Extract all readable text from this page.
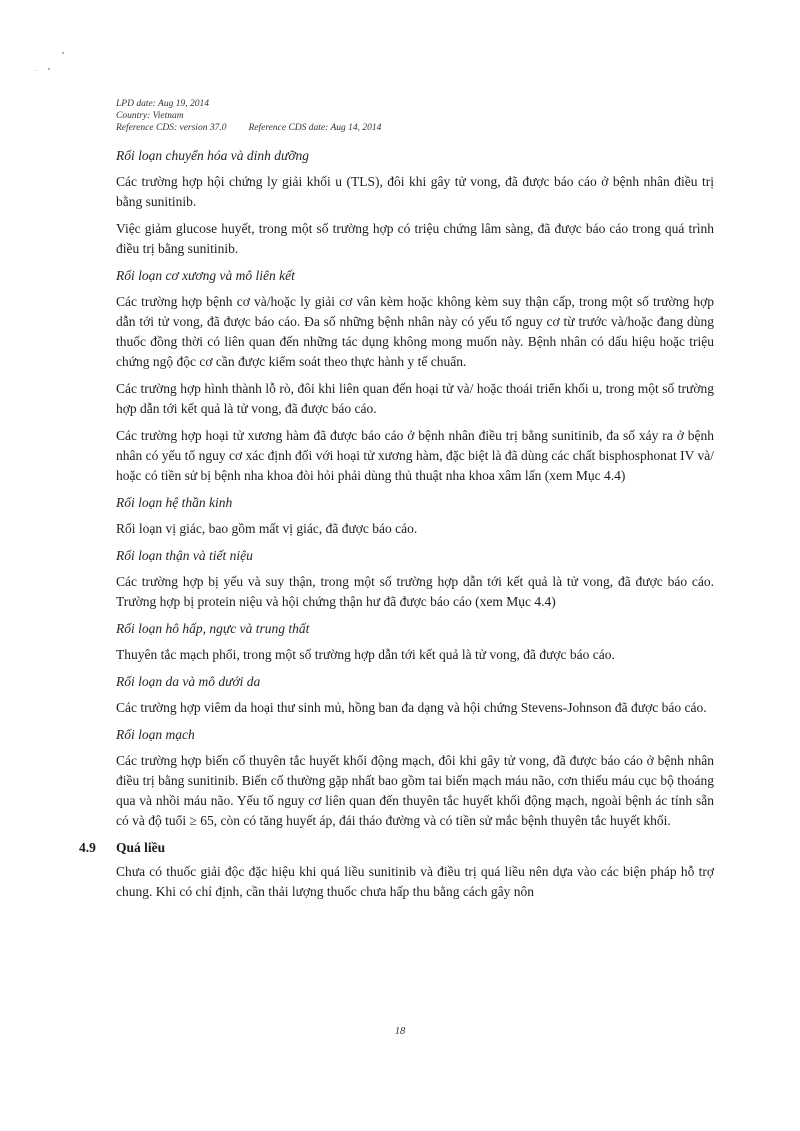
LPD date: Aug 19, 2014
Country: Vietnam
Reference CDS: version 37.0 Reference CDS date: Aug 14, 2014
Rối loạn chuyển hóa và dinh dưỡng

Các trường hợp hội chứng ly giải khối u (TLS), đôi khi gây tử vong, đã được báo cáo ở bệnh nhân điều trị bằng sunitinib.

Việc giảm glucose huyết, trong một số trường hợp có triệu chứng lâm sàng, đã được báo cáo trong quá trình điều trị bằng sunitinib.

Rối loạn cơ xương và mô liên kết

Các trường hợp bệnh cơ và/hoặc ly giải cơ vân kèm hoặc không kèm suy thận cấp, trong một số trường hợp dẫn tới tử vong, đã được báo cáo. Đa số những bệnh nhân này có yếu tố nguy cơ từ trước và/hoặc đang dùng thuốc đồng thời có liên quan đến những tác dụng không mong muốn này. Bệnh nhân có dấu hiệu hoặc triệu chứng ngộ độc cơ cần được kiểm soát theo thực hành y tế chuẩn.

Các trường hợp hình thành lỗ rò, đôi khi liên quan đến hoại tử và/ hoặc thoái triển khối u, trong một số trường hợp dẫn tới kết quả là tử vong, đã được báo cáo.

Các trường hợp hoại tử xương hàm đã được báo cáo ở bệnh nhân điều trị bằng sunitinib, đa số xảy ra ở bệnh nhân có yếu tố nguy cơ xác định đối với hoại tử xương hàm, đặc biệt là đã dùng các chất bisphosphonat IV và/ hoặc có tiền sử bị bệnh nha khoa đòi hỏi phải dùng thủ thuật nha khoa xâm lấn (xem Mục 4.4)

Rối loạn hệ thần kinh

Rối loạn vị giác, bao gồm mất vị giác, đã được báo cáo.

Rối loạn thận và tiết niệu

Các trường hợp bị yếu và suy thận, trong một số trường hợp dẫn tới kết quả là tử vong, đã được báo cáo. Trường hợp bị protein niệu và hội chứng thận hư đã được báo cáo (xem Mục 4.4)

Rối loạn hô hấp, ngực và trung thất

Thuyên tắc mạch phổi, trong một số trường hợp dẫn tới kết quả là tử vong, đã được báo cáo.

Rối loạn da và mô dưới da

Các trường hợp viêm da hoại thư sinh mủ, hồng ban đa dạng và hội chứng Stevens-Johnson đã được báo cáo.

Rối loạn mạch

Các trường hợp biến cố thuyên tắc huyết khối động mạch, đôi khi gây tử vong, đã được báo cáo ở bệnh nhân điều trị bằng sunitinib. Biến cố thường gặp nhất bao gồm tai biến mạch máu não, cơn thiếu máu cục bộ thoáng qua và nhồi máu não. Yếu tố nguy cơ liên quan đến thuyên tắc huyết khối động mạch, ngoài bệnh ác tính sẵn có và độ tuổi ≥ 65, còn có tăng huyết áp, đái tháo đường và có tiền sử mắc bệnh thuyên tắc huyết khối.

4.9 Quá liều

Chưa có thuốc giải độc đặc hiệu khi quá liều sunitinib và điều trị quá liều nên dựa vào các biện pháp hỗ trợ chung. Khi có chỉ định, cần thải lượng thuốc chưa hấp thu bằng cách gây nôn

18
